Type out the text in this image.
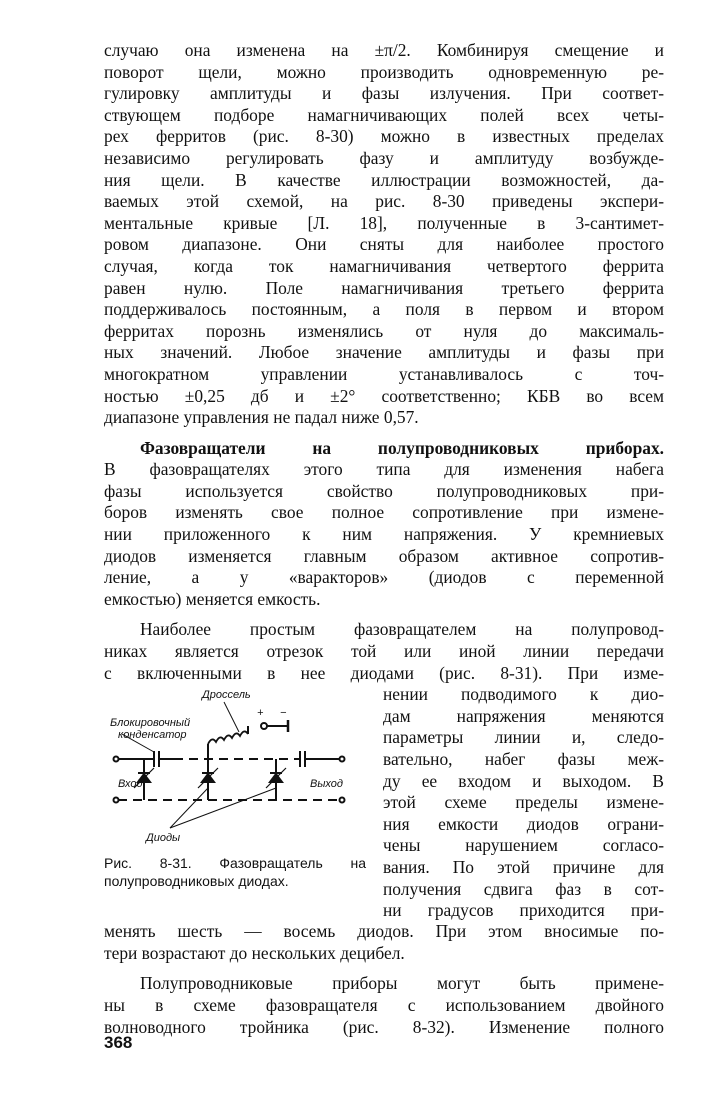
случаю она изменена на ±π/2. Комбинируя смещение и
поворот щели, можно производить одновременную ре-
гулировку амплитуды и фазы излучения. При соответ-
ствующем подборе намагничивающих полей всех четы-
рех ферритов (рис. 8-30) можно в известных пределах
независимо регулировать фазу и амплитуду возбужде-
ния щели. В качестве иллюстрации возможностей, да-
ваемых этой схемой, на рис. 8-30 приведены экспери-
ментальные кривые [Л. 18], полученные в 3-сантимет-
ровом диапазоне. Они сняты для наиболее простого
случая, когда ток намагничивания четвертого феррита
равен нулю. Поле намагничивания третьего феррита
поддерживалось постоянным, а поля в первом и втором
ферритах порознь изменялись от нуля до максималь-
ных значений. Любое значение амплитуды и фазы при
многократном управлении устанавливалось с точ-
ностью ±0,25 дб и ±2° соответственно; КБВ во всем
диапазоне управления не падал ниже 0,57.
Фазовращатели на полупроводниковых приборах.
В фазовращателях этого типа для изменения набега
фазы используется свойство полупроводниковых при-
боров изменять свое полное сопротивление при измене-
нии приложенного к ним напряжения. У кремниевых
диодов изменяется главным образом активное сопротив-
ление, а у «варакторов» (диодов с переменной
емкостью) меняется емкость.
Наиболее простым фазовращателем на полупровод-
никах является отрезок той или иной линии передачи
с включенными в нее диодами (рис. 8-31). При изме-
Дроссель
Блокировочный
конденсатор
Вход	Выход
Диоды
+ −
Рис. 8-31. Фазовращатель на
полупроводниковых диодах.
нении подводимого к дио-
дам напряжения меняются
параметры линии и, следо-
вательно, набег фазы меж-
ду ее входом и выходом. В
этой схеме пределы измене-
ния емкости диодов ограни-
чены нарушением согласо-
вания. По этой причине для
получения сдвига фаз в сот-
ни градусов приходится при-
менять шесть — восемь диодов. При этом вносимые по-
тери возрастают до нескольких децибел.
Полупроводниковые приборы могут быть примене-
ны в схеме фазовращателя с использованием двойного
волноводного тройника (рис. 8-32). Изменение полного
368
